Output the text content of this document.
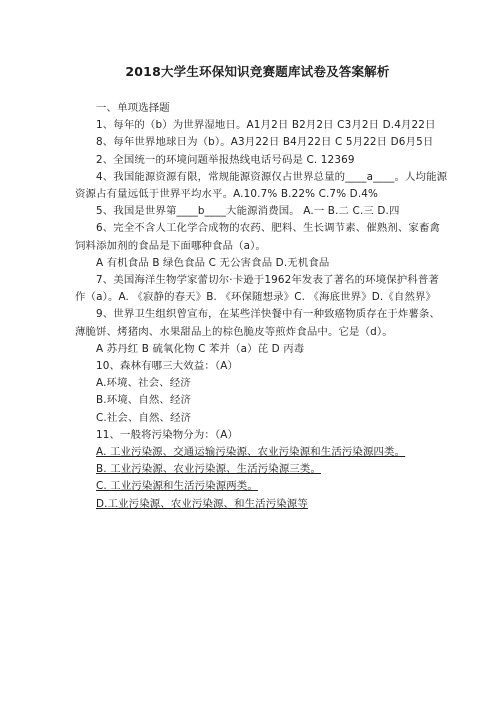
2018大学生环保知识竞赛题库试卷及答案解析

一、单项选择题

1、每年的（b）为世界湿地日。A1月2日 B2月2日 C3月2日 D.4月22日

8、每年世界地球日为（b）。A3月22日 B4月22日 C 5月22日 D6月5日

2、全国统一的环境问题举报热线电话号码是 C. 12369

4、我国能源资源有限，常规能源资源仅占世界总量的____a____。人均能源资源占有量远低于世界平均水平。A.10.7% B.22% C.7% D.4%

5、我国是世界第____b____大能源消费国。 A.一 B.二 C.三 D.四

6、完全不含人工化学合成物的农药、肥料、生长调节素、催熟剂、家畜禽饲料添加剂的食品是下面哪种食品（a）。

A 有机食品 B 绿色食品 C 无公害食品 D.无机食品

7、美国海洋生物学家蕾切尔·卡逊于1962年发表了著名的环境保护科普著作（a）。A. 《寂静的春天》B. 《环保随想录》C. 《海底世界》D.《自然界》

9、世界卫生组织曾宣布，在某些洋快餐中有一种致癌物质存在于炸薯条、薄脆饼、烤猪肉、水果甜品上的棕色脆皮等煎炸食品中。它是（d）。

A 苏丹红 B 硫氧化物 C 苯并（a）芘 D 丙毒

10、森林有哪三大效益：（A）

A.环境、社会、经济

B.环境、自然、经济

C.社会、自然、经济

11、一般将污染物分为：（A）

A. 工业污染源、交通运输污染源、农业污染源和生活污染源四类。

B. 工业污染源、农业污染源、生活污染源三类。

C. 工业污染源和生活污染源两类。

D.工业污染源、农业污染源、和生活污染源等
